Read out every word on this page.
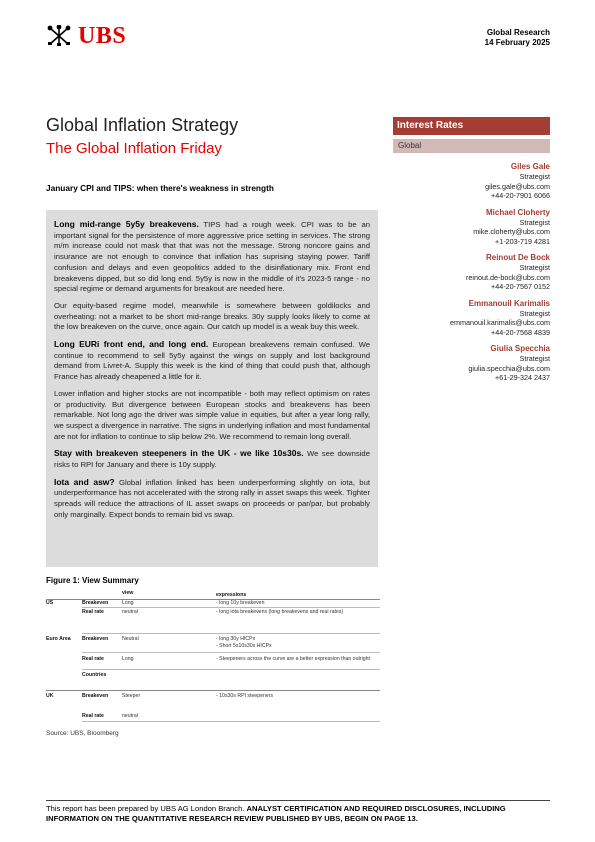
UBS	Global Research
14 February 2025
Global Inflation Strategy
The Global Inflation Friday
January CPI and TIPS: when there's weakness in strength
Interest Rates
Global
Giles Gale
Strategist
giles.gale@ubs.com
+44-20-7901 6066
Michael Cloherty
Strategist
mike.cloherty@ubs.com
+1-203-719 4281
Reinout De Bock
Strategist
reinout.de-bock@ubs.com
+44-20-7567 0152
Emmanouil Karimalis
Strategist
emmanouil.karimalis@ubs.com
+44-20-7568 4839
Giulia Specchia
Strategist
giulia.specchia@ubs.com
+61-29-324 2437

Long mid-range 5y5y breakevens. TIPS had a rough week. CPI was to be an important signal for the persistence of more aggressive price setting in services. The strong m/m increase could not mask that that was not the message. Strong noncore gains and insurance are not enough to convince that inflation has suprising staying power. Tariff confusion and delays and even geopolitics added to the disinflationary mix. Front end breakevens dipped, but so did long end. 5y5y is now in the middle of it's 2023-5 range - no special regime or demand arguments for breakout are needed here.

Our equity-based regime model, meanwhile is somewhere between goldilocks and overheating: not a market to be short mid-range breaks. 30y supply looks likely to come at the low breakeven on the curve, once again. Our catch up model is a weak buy this week.

Long EURi front end, and long end. European breakevens remain confused. We continue to recommend to sell 5y5y against the wings on supply and lost background demand from Livret-A. Supply this week is the kind of thing that could push that, although France has already cheapened a little for it.

Lower inflation and higher stocks are not incompatible - both may reflect optimism on rates or productivity. But divergence between European stocks and breakevens has been remarkable. Not long ago the driver was simple value in equities, but after a year long rally, we suspect a divergence in narrative. The signs in underlying inflation and most fundamental are not for inflation to continue to slip below 2%. We recommend to remain long overall.

Stay with breakeven steepeners in the UK - we like 10s30s. We see downside risks to RPI for January and there is 10y supply.

Iota and asw? Global inflation linked has been underperforming slightly on iota, but underperformance has not accelerated with the strong rally in asset swaps this week. Tighter spreads will reduce the attractions of IL asset swaps on proceeds or par/par, but probably only marginally. Expect bonds to remain bid vs swap.

Figure 1: View Summary
view	expressions
US	Breakeven	Long	- long 10y breakeven
Real rate	neutral	- long iota breakevens (long breakevens and real rates)
Euro Area Breakeven	Neutral	- long 30y HICPx
- Short 5s10s30s HICPx
Real rate	Long	- Steepeners across the curve are a better expression than outright
Countries
UK	Breakeven	Steeper	- 10s30s RPI steepeners
Real rate	neutral
Source: UBS, Bloomberg
This report has been prepared by UBS AG London Branch. ANALYST CERTIFICATION AND REQUIRED DISCLOSURES, INCLUDING INFORMATION ON THE QUANTITATIVE RESEARCH REVIEW PUBLISHED BY UBS, BEGIN ON PAGE 13.
